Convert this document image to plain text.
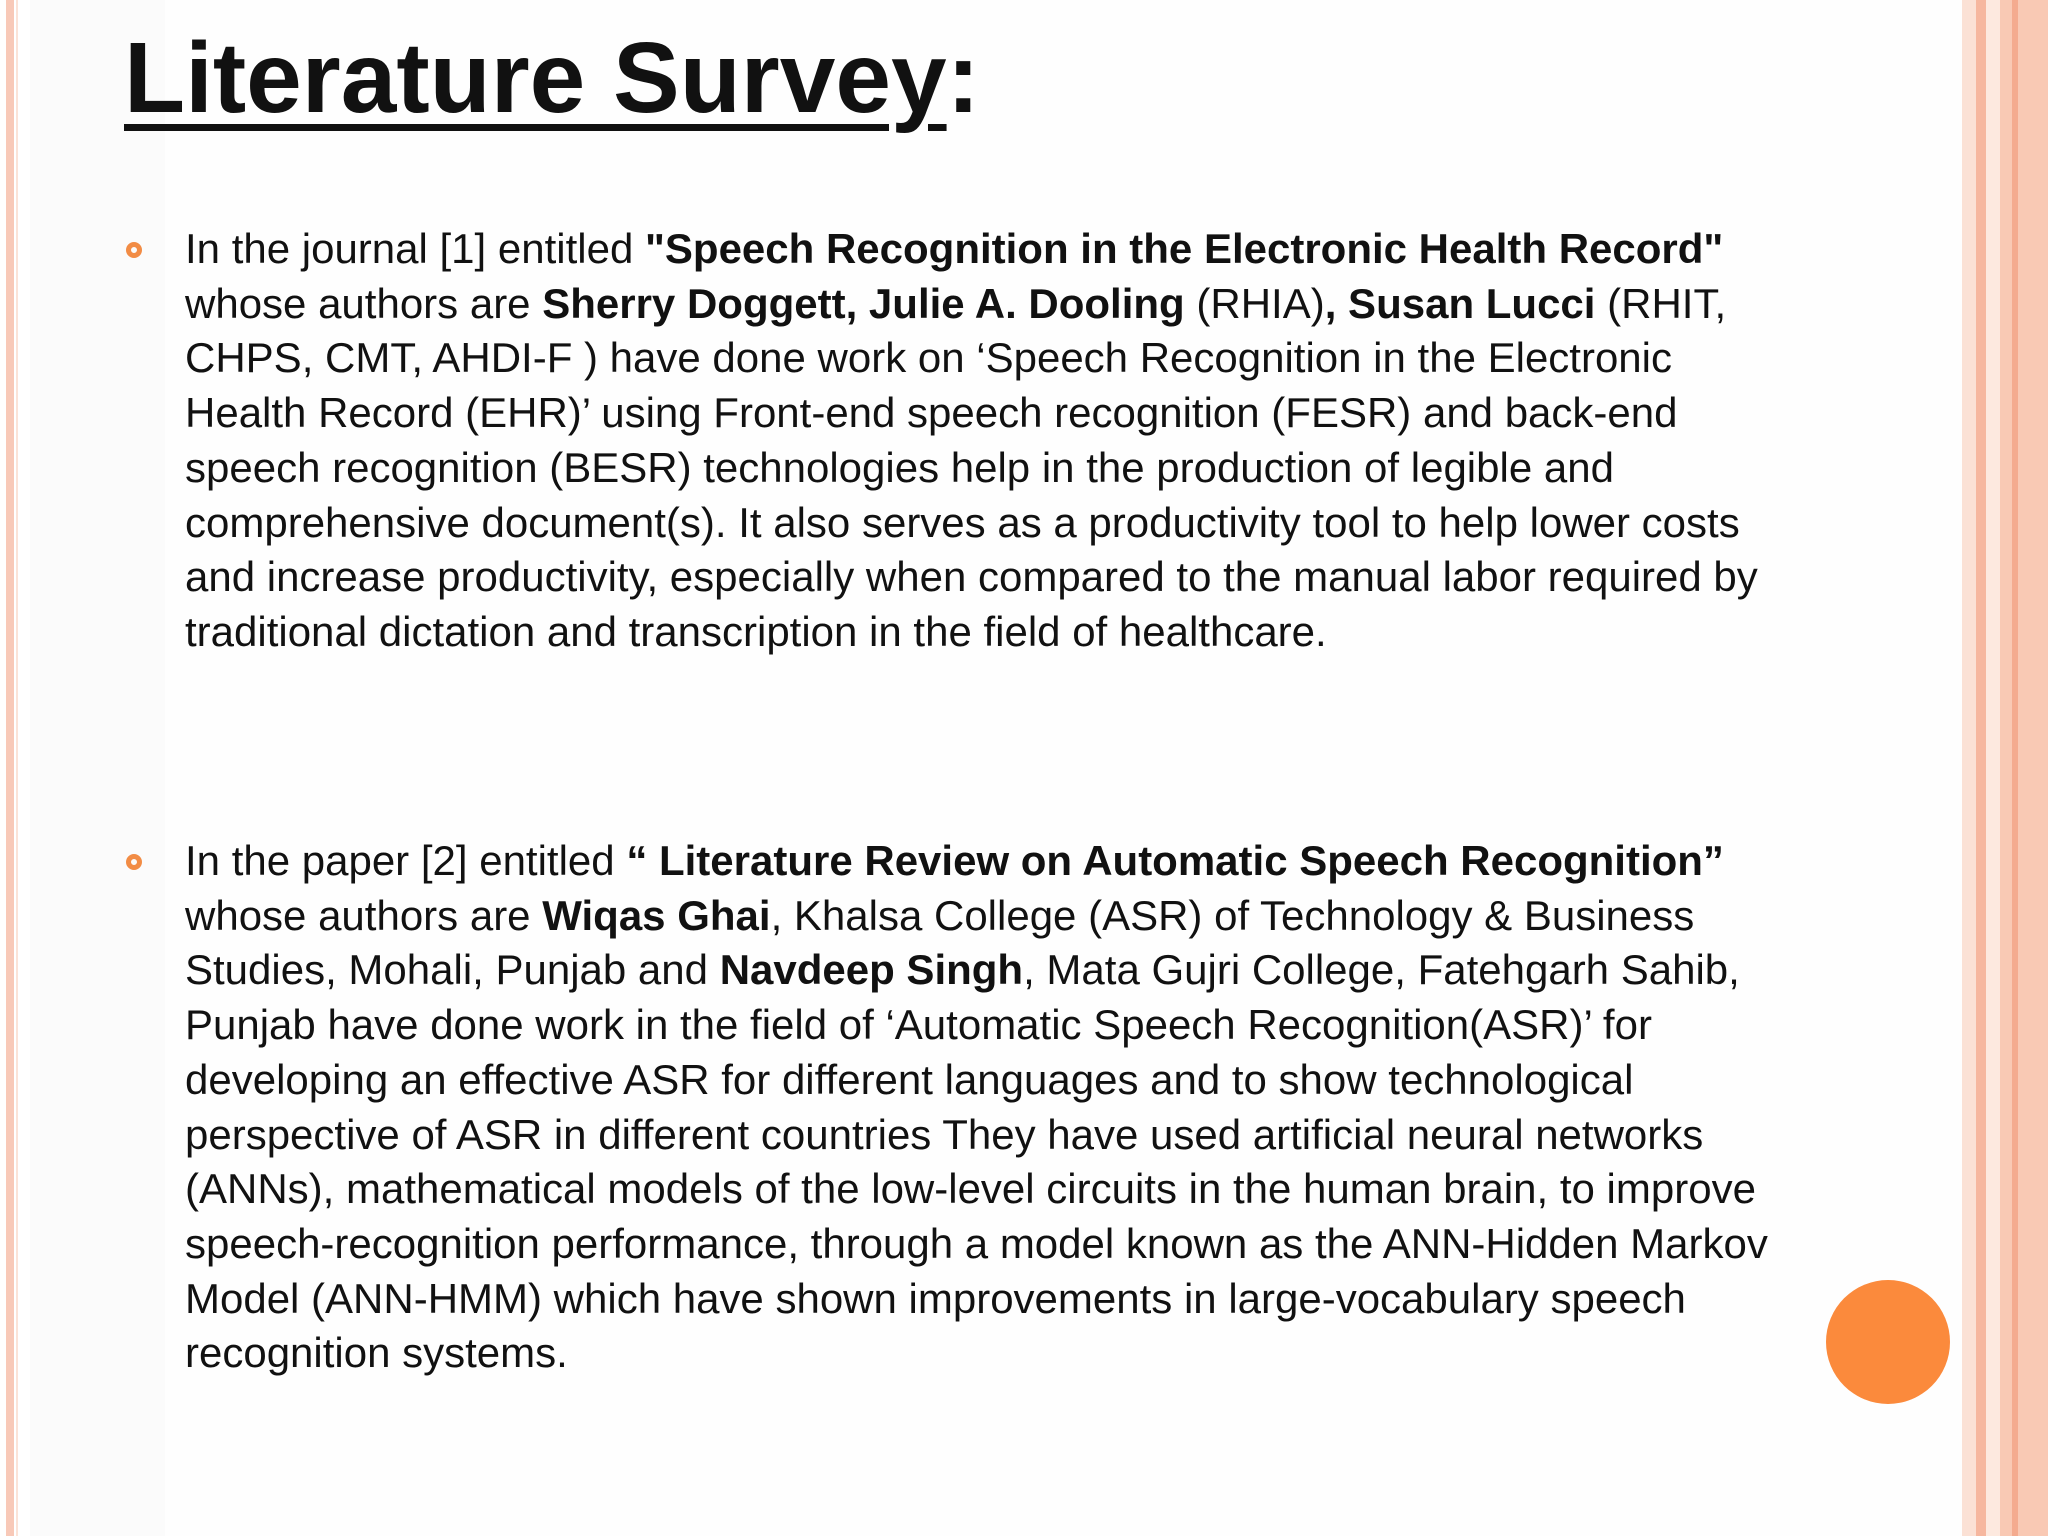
Literature Survey:

In the journal [1] entitled "Speech Recognition in the Electronic Health Record"
whose authors are Sherry Doggett, Julie A. Dooling (RHIA), Susan Lucci (RHIT,
CHPS, CMT, AHDI-F ) have done work on ‘Speech Recognition in the Electronic
Health Record (EHR)’ using Front-end speech recognition (FESR) and back-end
speech recognition (BESR) technologies help in the production of legible and
comprehensive document(s). It also serves as a productivity tool to help lower costs
and increase productivity, especially when compared to the manual labor required by
traditional dictation and transcription in the field of healthcare.

In the paper [2] entitled “ Literature Review on Automatic Speech Recognition”
whose authors are Wiqas Ghai, Khalsa College (ASR) of Technology & Business
Studies, Mohali, Punjab and Navdeep Singh, Mata Gujri College, Fatehgarh Sahib,
Punjab have done work in the field of ‘Automatic Speech Recognition(ASR)’ for
developing an effective ASR for different languages and to show technological
perspective of ASR in different countries They have used artificial neural networks
(ANNs), mathematical models of the low-level circuits in the human brain, to improve
speech-recognition performance, through a model known as the ANN-Hidden Markov
Model (ANN-HMM) which have shown improvements in large-vocabulary speech
recognition systems.
